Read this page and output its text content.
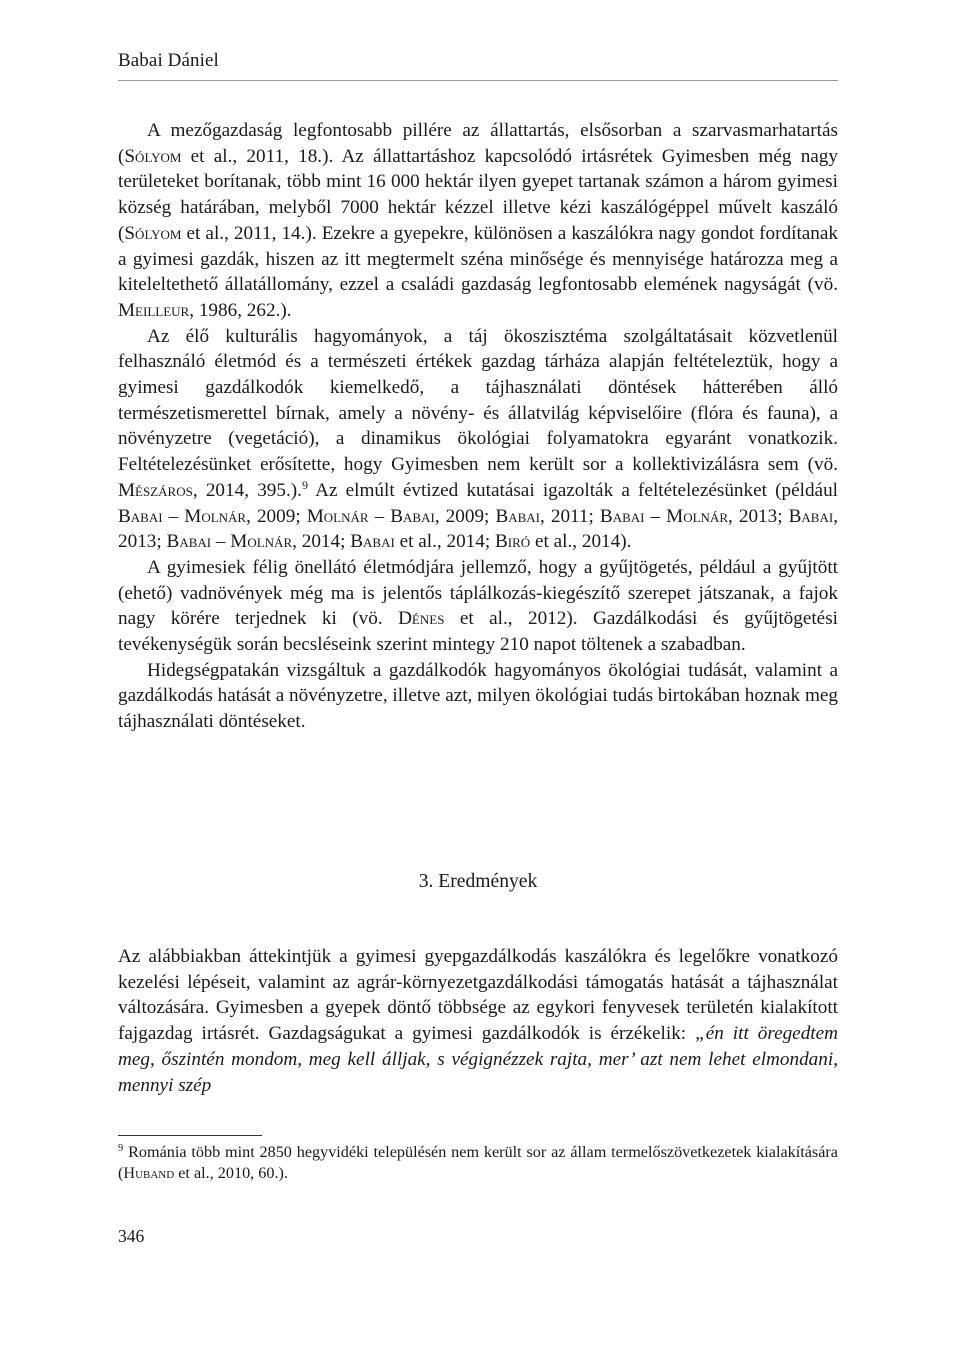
Babai Dániel

A mezőgazdaság legfontosabb pillére az állattartás, elsősorban a szarvasmarhatartás (Sólyom et al., 2011, 18.). Az állattartáshoz kapcsolódó irtásrétek Gyimesben még nagy területeket borítanak, több mint 16 000 hektár ilyen gyepet tartanak számon a három gyimesi község határában, melyből 7000 hektár kézzel illetve kézi kaszálógéppel művelt kaszáló (Sólyom et al., 2011, 14.). Ezekre a gyepekre, különösen a kaszálókra nagy gondot fordítanak a gyimesi gazdák, hiszen az itt megtermelt széna minősége és mennyisége határozza meg a kiteleltethető állatállomány, ezzel a családi gazdaság legfontosabb elemének nagyságát (vö. Meilleur, 1986, 262.).

Az élő kulturális hagyományok, a táj ökoszisztéma szolgáltatásait közvetlenül felhasználó életmód és a természeti értékek gazdag tárháza alapján feltételeztük, hogy a gyimesi gazdálkodók kiemelkedő, a tájhasználati döntések hátterében álló természetismerettel bírnak, amely a növény- és állatvilág képviselőire (flóra és fauna), a növényzetre (vegetáció), a dinamikus ökológiai folyamatokra egyaránt vonatkozik. Feltételezésünket erősítette, hogy Gyimesben nem került sor a kollektivizálásra sem (vö. Mészáros, 2014, 395.).$^9$ Az elmúlt évtized kutatásai igazolták a feltételezésünket (például Babai – Molnár, 2009; Molnár – Babai, 2009; Babai, 2011; Babai – Molnár, 2013; Babai, 2013; Babai – Molnár, 2014; Babai et al., 2014; Biró et al., 2014).

A gyimesiek félig önellátó életmódjára jellemző, hogy a gyűjtögetés, például a gyűjtött (ehető) vadnövények még ma is jelentős táplálkozás-kiegészítő szerepet játszanak, a fajok nagy körére terjednek ki (vö. Dénes et al., 2012). Gazdálkodási és gyűjtögetési tevékenységük során becsléseink szerint mintegy 210 napot töltenek a szabadban.

Hidegségpatakán vizsgáltuk a gazdálkodók hagyományos ökológiai tudását, valamint a gazdálkodás hatását a növényzetre, illetve azt, milyen ökológiai tudás birtokában hoznak meg tájhasználati döntéseket.

3. Eredmények

Az alábbiakban áttekintjük a gyimesi gyepgazdálkodás kaszálókra és legelőkre vonatkozó kezelési lépéseit, valamint az agrár-környezetgazdálkodási támogatás hatását a tájhasználat változására. Gyimesben a gyepek döntő többsége az egykori fenyvesek területén kialakított fajgazdag irtásrét. Gazdagságukat a gyimesi gazdálkodók is érzékelik: „én itt öregedtem meg, őszintén mondom, meg kell álljak, s végignézzek rajta, mer’ azt nem lehet elmondani, mennyi szép

$^9$ Románia több mint 2850 hegyvidéki településén nem került sor az állam termelőszövetkezetek kialakítására (Huband et al., 2010, 60.).
346
